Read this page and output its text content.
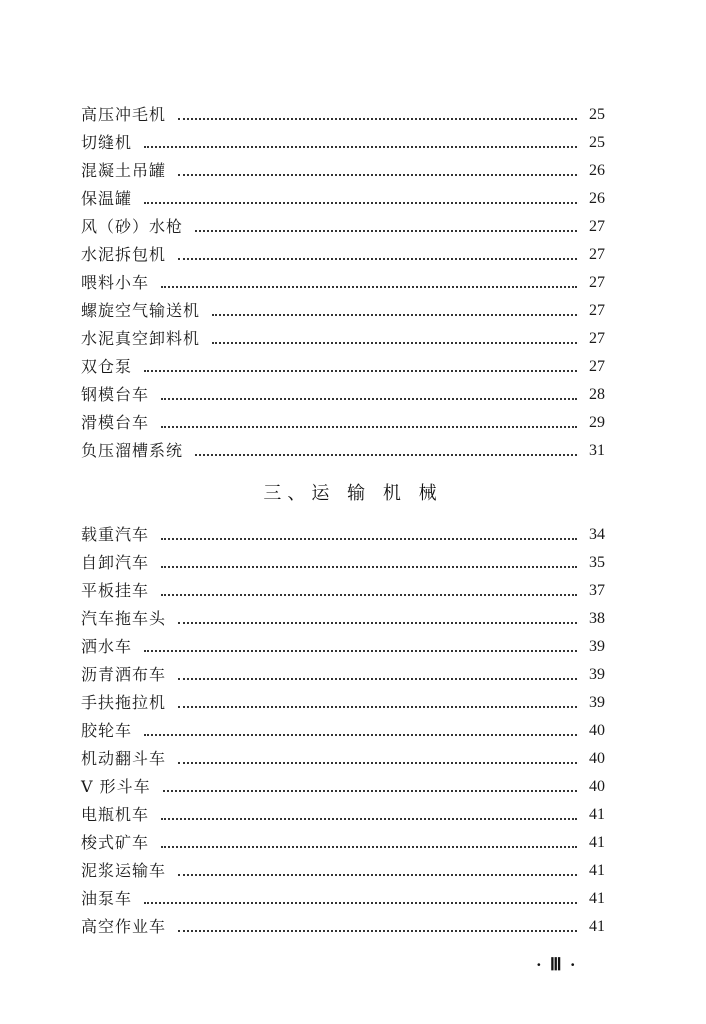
高压冲毛机	25
切缝机	25
混凝土吊罐	26
保温罐	26
风（砂）水枪	27
水泥拆包机	27
喂料小车	27
螺旋空气输送机	27
水泥真空卸料机	27
双仓泵	27
钢模台车	28
滑模台车	29
负压溜槽系统	31
三、运 输 机 械
载重汽车	34
自卸汽车	35
平板挂车	37
汽车拖车头	38
洒水车	39
沥青洒布车	39
手扶拖拉机	39
胶轮车	40
机动翻斗车	40
V 形斗车	40
电瓶机车	41
梭式矿车	41
泥浆运输车	41
油泵车	41
高空作业车	41
· Ⅲ ·
